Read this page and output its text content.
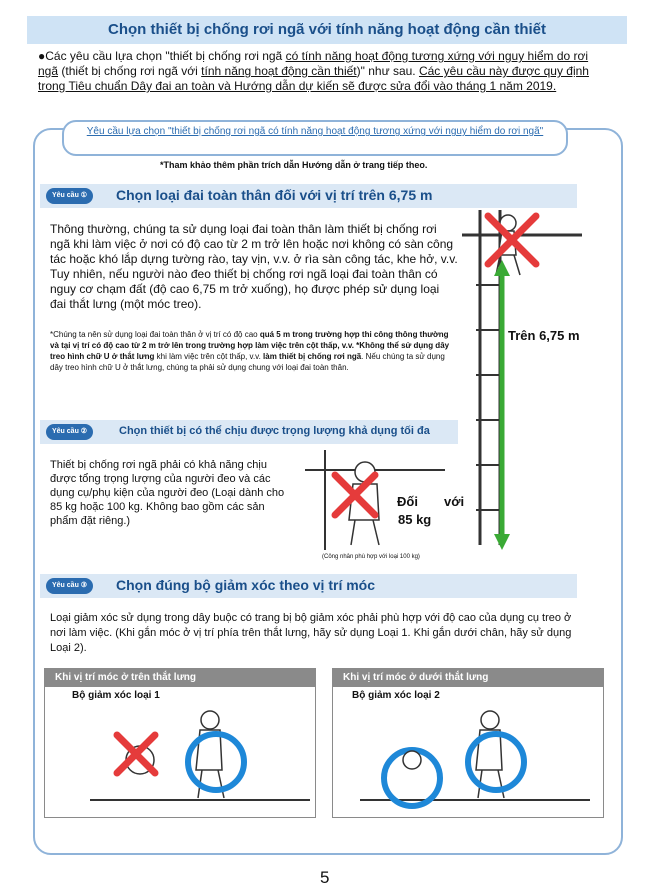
Chọn thiết bị chống rơi ngã với tính năng hoạt động cần thiết
●Các yêu cầu lựa chọn "thiết bị chống rơi ngã có tính năng hoạt động tương xứng với nguy hiểm do rơi ngã (thiết bị chống rơi ngã với tính năng hoạt động cần thiết)" như sau. Các yêu cầu này được quy định trong Tiêu chuẩn Dây đai an toàn và Hướng dẫn dự kiến sẽ được sửa đổi vào tháng 1 năm 2019.
Yêu cầu lựa chọn "thiết bị chống rơi ngã có tính năng hoạt động tương xứng với nguy hiểm do rơi ngã"
*Tham khảo thêm phần trích dẫn Hướng dẫn ở trang tiếp theo.
Yêu cầu ①	Chọn loại đai toàn thân đối với vị trí trên 6,75 m
Thông thường, chúng ta sử dụng loại đai toàn thân làm thiết bị chống rơi ngã khi làm việc ở nơi có độ cao từ 2 m trở lên hoặc nơi không có sàn công tác hoặc khó lắp dựng tường rào, tay vịn, v.v. ở rìa sàn công tác, khe hở, v.v.
Tuy nhiên, nếu người nào đeo thiết bị chống rơi ngã loại đai toàn thân có nguy cơ chạm đất (độ cao 6,75 m trở xuống), họ được phép sử dụng loại đai thắt lưng (một móc treo).
*Chúng ta nên sử dụng loại đai toàn thân ở vị trí có độ cao quá 5 m trong trường hợp thi công thông thường và tại vị trí có độ cao từ 2 m trở lên trong trường hợp làm việc trên cột thấp, v.v. *Không thể sử dụng dây treo hình chữ U ở thắt lưng khi làm việc trên cột thấp, v.v. làm thiết bị chống rơi ngã. Nếu chúng ta sử dụng dây treo hình chữ U ở thắt lưng, chúng ta phải sử dụng chung với loại đai toàn thân.
Trên 6,75 m
Yêu cầu ②	Chọn thiết bị có thể chịu được trọng lượng khả dụng tối đa
Thiết bị chống rơi ngã phải có khả năng chịu được tổng trọng lượng của người đeo và các dụng cụ/phụ kiện của người đeo (Loại dành cho 85 kg hoặc 100 kg. Không bao gồm các sản phẩm đặt riêng.)
Đối với
85 kg
(Công nhân phù hợp với loại 100 kg)
Yêu cầu ③	Chọn đúng bộ giảm xóc theo vị trí móc
Loại giảm xóc sử dụng trong dây buộc có trang bị bộ giảm xóc phải phù hợp với độ cao của dụng cụ treo ở nơi làm việc. (Khi gắn móc ở vị trí phía trên thắt lưng, hãy sử dụng Loại 1. Khi gắn dưới chân, hãy sử dụng Loại 2).
Khi vị trí móc ở trên thắt lưng
Bộ giảm xóc loại 1
Khi vị trí móc ở dưới thắt lưng
Bộ giảm xóc loại 2
5
